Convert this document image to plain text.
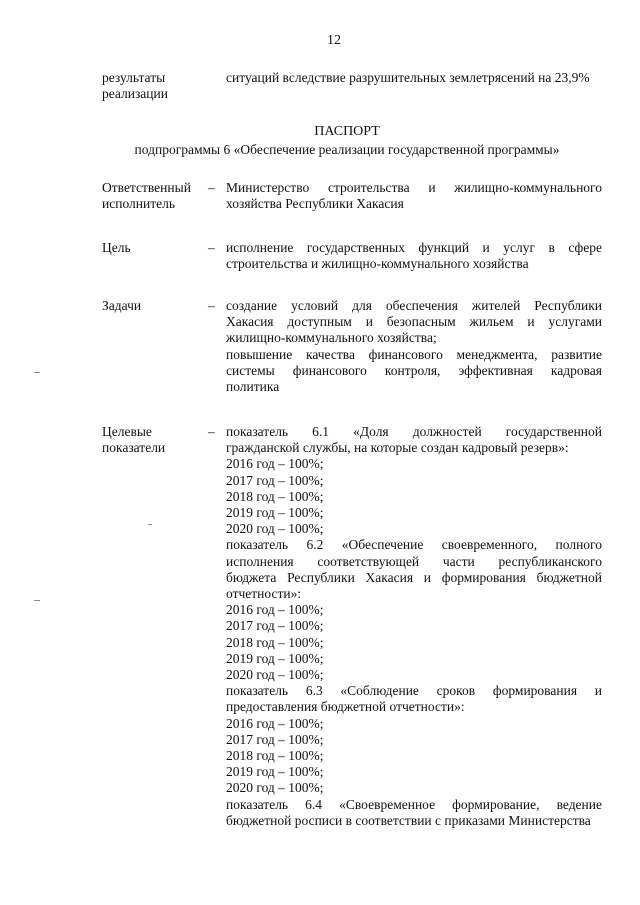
12
результаты
реализации
ситуаций вследствие разрушительных землетрясений на 23,9%
ПАСПОРТ
подпрограммы 6 «Обеспечение реализации государственной программы»
Ответственный
исполнитель
– Министерство строительства и жилищно-коммунального
хозяйства Республики Хакасия
Цель	– исполнение государственных функций и услуг в сфере
строительства и жилищно-коммунального хозяйства
Задачи	– создание условий для обеспечения жителей Республики
Хакасия доступным и безопасным жильем и услугами
жилищно-коммунального хозяйства;
повышение качества финансового менеджмента, развитие
системы финансового контроля, эффективная кадровая
политика
Целевые
показатели
– показатель 6.1 «Доля должностей государственной
гражданской службы, на которые создан кадровый резерв»:
2016 год – 100%;
2017 год – 100%;
2018 год – 100%;
2019 год – 100%;
2020 год – 100%;
показатель 6.2 «Обеспечение своевременного, полного
исполнения соответствующей части республиканского
бюджета Республики Хакасия и формирования бюджетной
отчетности»:
2016 год – 100%;
2017 год – 100%;
2018 год – 100%;
2019 год – 100%;
2020 год – 100%;
показатель 6.3 «Соблюдение сроков формирования и
предоставления бюджетной отчетности»:
2016 год – 100%;
2017 год – 100%;
2018 год – 100%;
2019 год – 100%;
2020 год – 100%;
показатель 6.4 «Своевременное формирование, ведение
бюджетной росписи в соответствии с приказами Министерства
